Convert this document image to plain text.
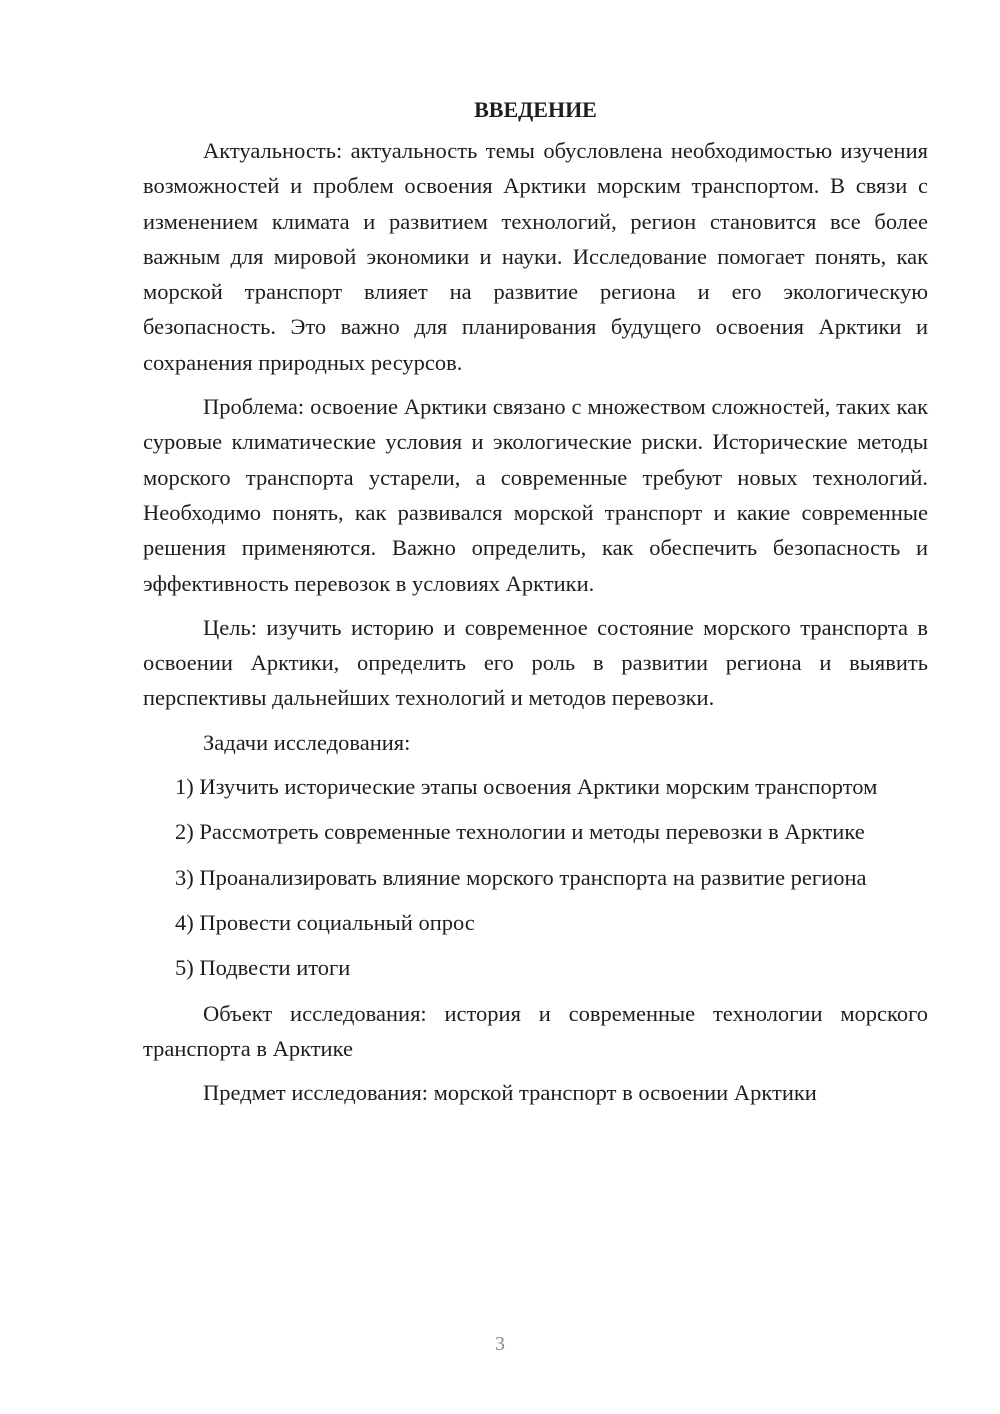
ВВЕДЕНИЕ

Актуальность: актуальность темы обусловлена необходимостью изучения возможностей и проблем освоения Арктики морским транспортом. В связи с изменением климата и развитием технологий, регион становится все более важным для мировой экономики и науки. Исследование помогает понять, как морской транспорт влияет на развитие региона и его экологическую безопасность. Это важно для планирования будущего освоения Арктики и сохранения природных ресурсов.

Проблема: освоение Арктики связано с множеством сложностей, таких как суровые климатические условия и экологические риски. Исторические методы морского транспорта устарели, а современные требуют новых технологий. Необходимо понять, как развивался морской транспорт и какие современные решения применяются. Важно определить, как обеспечить безопасность и эффективность перевозок в условиях Арктики.

Цель: изучить историю и современное состояние морского транспорта в освоении Арктики, определить его роль в развитии региона и выявить перспективы дальнейших технологий и методов перевозки.

Задачи исследования:

1) Изучить исторические этапы освоения Арктики морским транспортом

2) Рассмотреть современные технологии и методы перевозки в Арктике

3) Проанализировать влияние морского транспорта на развитие региона

4) Провести социальный опрос

5) Подвести итоги

Объект исследования: история и современные технологии морского транспорта в Арктике

Предмет исследования: морской транспорт в освоении Арктики

3
